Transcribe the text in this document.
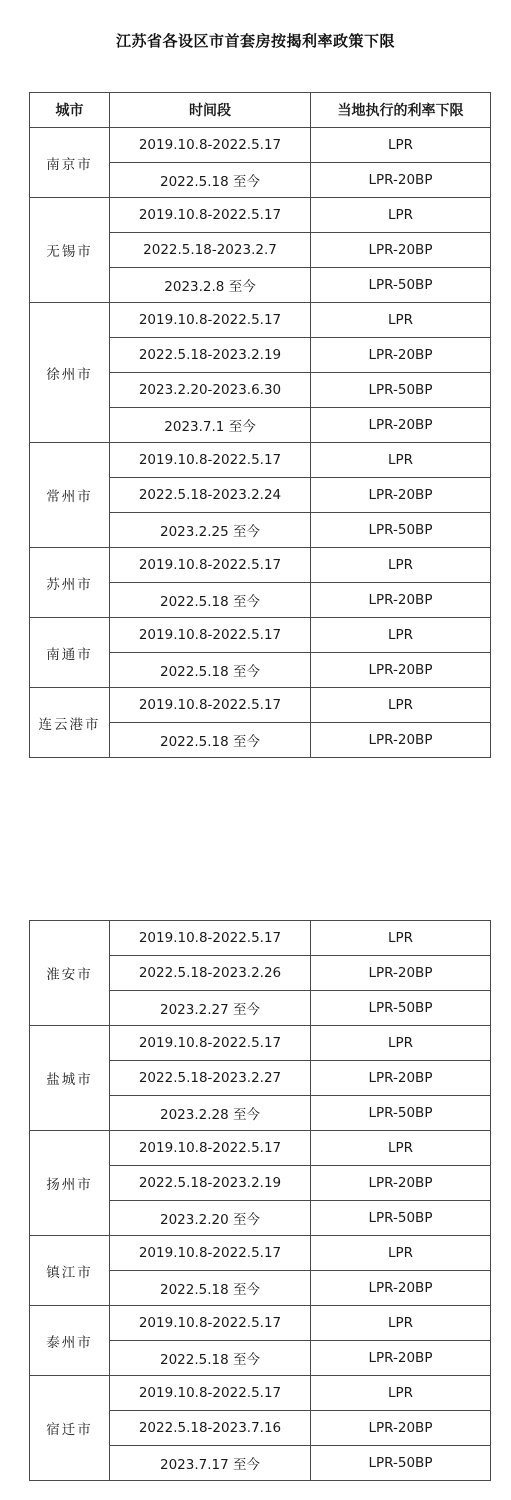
江苏省各设区市首套房按揭利率政策下限
城市	时间段	当地执行的利率下限
南京市	2019.10.8-2022.5.17	LPR
	2022.5.18 至今	LPR-20BP
无锡市	2019.10.8-2022.5.17	LPR
	2022.5.18-2023.2.7	LPR-20BP
	2023.2.8 至今	LPR-50BP
徐州市	2019.10.8-2022.5.17	LPR
	2022.5.18-2023.2.19	LPR-20BP
	2023.2.20-2023.6.30	LPR-50BP
	2023.7.1 至今	LPR-20BP
常州市	2019.10.8-2022.5.17	LPR
	2022.5.18-2023.2.24	LPR-20BP
	2023.2.25 至今	LPR-50BP
苏州市	2019.10.8-2022.5.17	LPR
	2022.5.18 至今	LPR-20BP
南通市	2019.10.8-2022.5.17	LPR
	2022.5.18 至今	LPR-20BP
连云港市	2019.10.8-2022.5.17	LPR
	2022.5.18 至今	LPR-20BP
淮安市	2019.10.8-2022.5.17	LPR
	2022.5.18-2023.2.26	LPR-20BP
	2023.2.27 至今	LPR-50BP
盐城市	2019.10.8-2022.5.17	LPR
	2022.5.18-2023.2.27	LPR-20BP
	2023.2.28 至今	LPR-50BP
扬州市	2019.10.8-2022.5.17	LPR
	2022.5.18-2023.2.19	LPR-20BP
	2023.2.20 至今	LPR-50BP
镇江市	2019.10.8-2022.5.17	LPR
	2022.5.18 至今	LPR-20BP
泰州市	2019.10.8-2022.5.17	LPR
	2022.5.18 至今	LPR-20BP
宿迁市	2019.10.8-2022.5.17	LPR
	2022.5.18-2023.7.16	LPR-20BP
	2023.7.17 至今	LPR-50BP
